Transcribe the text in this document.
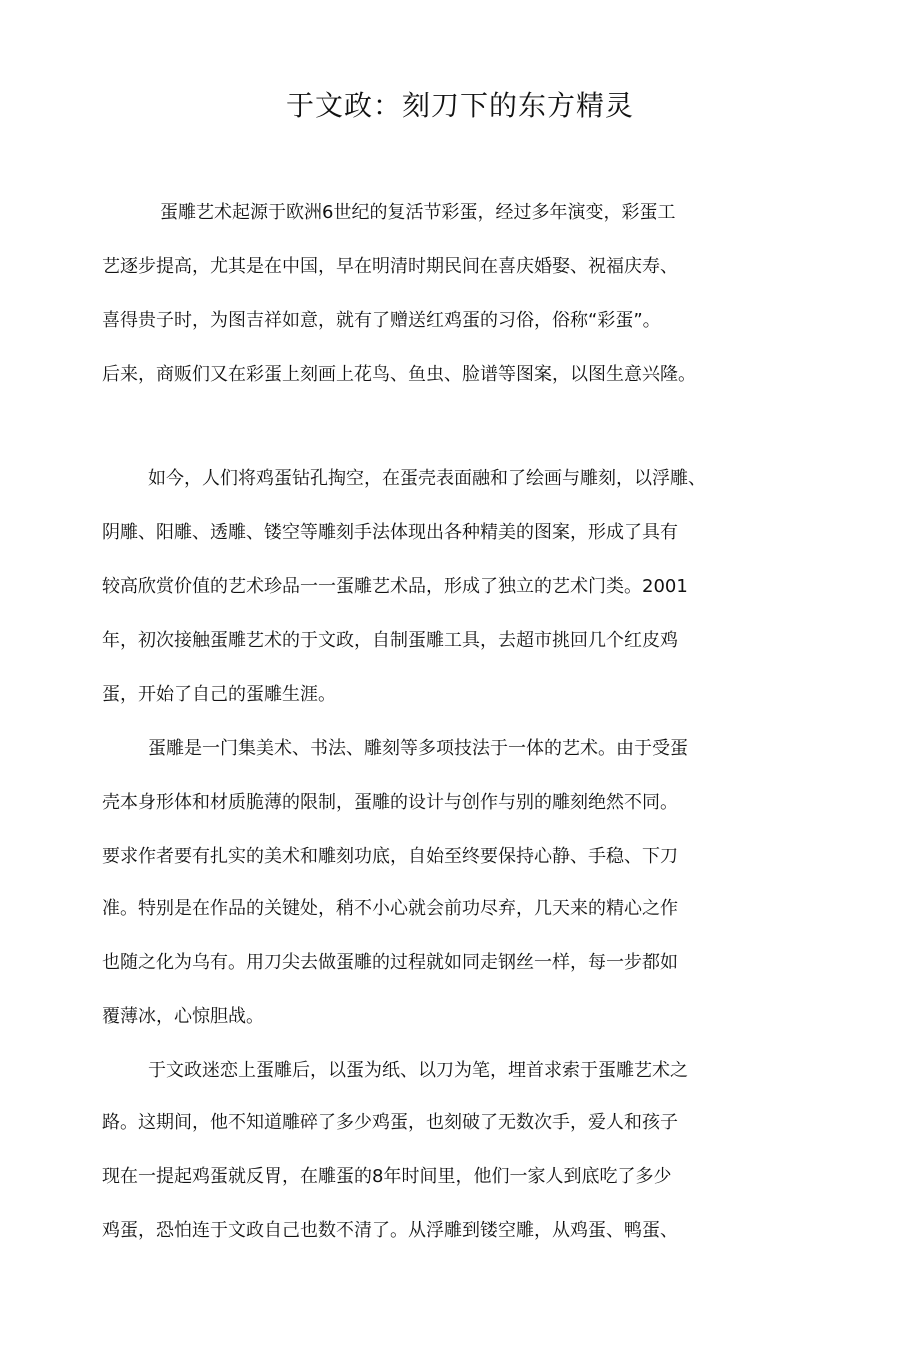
于文政：刻刀下的东方精灵
蛋雕艺术起源于欧洲6世纪的复活节彩蛋，经过多年演变，彩蛋工
艺逐步提高，尤其是在中国，早在明清时期民间在喜庆婚娶、祝福庆寿、
喜得贵子时，为图吉祥如意，就有了赠送红鸡蛋的习俗，俗称“彩蛋”。
后来，商贩们又在彩蛋上刻画上花鸟、鱼虫、脸谱等图案，以图生意兴隆。
如今，人们将鸡蛋钻孔掏空，在蛋壳表面融和了绘画与雕刻，以浮雕、
阴雕、阳雕、透雕、镂空等雕刻手法体现出各种精美的图案，形成了具有
较高欣赏价值的艺术珍品一一蛋雕艺术品，形成了独立的艺术门类。2001
年，初次接触蛋雕艺术的于文政，自制蛋雕工具，去超市挑回几个红皮鸡
蛋，开始了自己的蛋雕生涯。
蛋雕是一门集美术、书法、雕刻等多项技法于一体的艺术。由于受蛋
壳本身形体和材质脆薄的限制，蛋雕的设计与创作与别的雕刻绝然不同。
要求作者要有扎实的美术和雕刻功底，自始至终要保持心静、手稳、下刀
准。特别是在作品的关键处，稍不小心就会前功尽弃，几天来的精心之作
也随之化为乌有。用刀尖去做蛋雕的过程就如同走钢丝一样，每一步都如
覆薄冰，心惊胆战。
于文政迷恋上蛋雕后，以蛋为纸、以刀为笔，埋首求索于蛋雕艺术之
路。这期间，他不知道雕碎了多少鸡蛋，也刻破了无数次手，爱人和孩子
现在一提起鸡蛋就反胃，在雕蛋的8年时间里，他们一家人到底吃了多少
鸡蛋，恐怕连于文政自己也数不清了。从浮雕到镂空雕，从鸡蛋、鸭蛋、
